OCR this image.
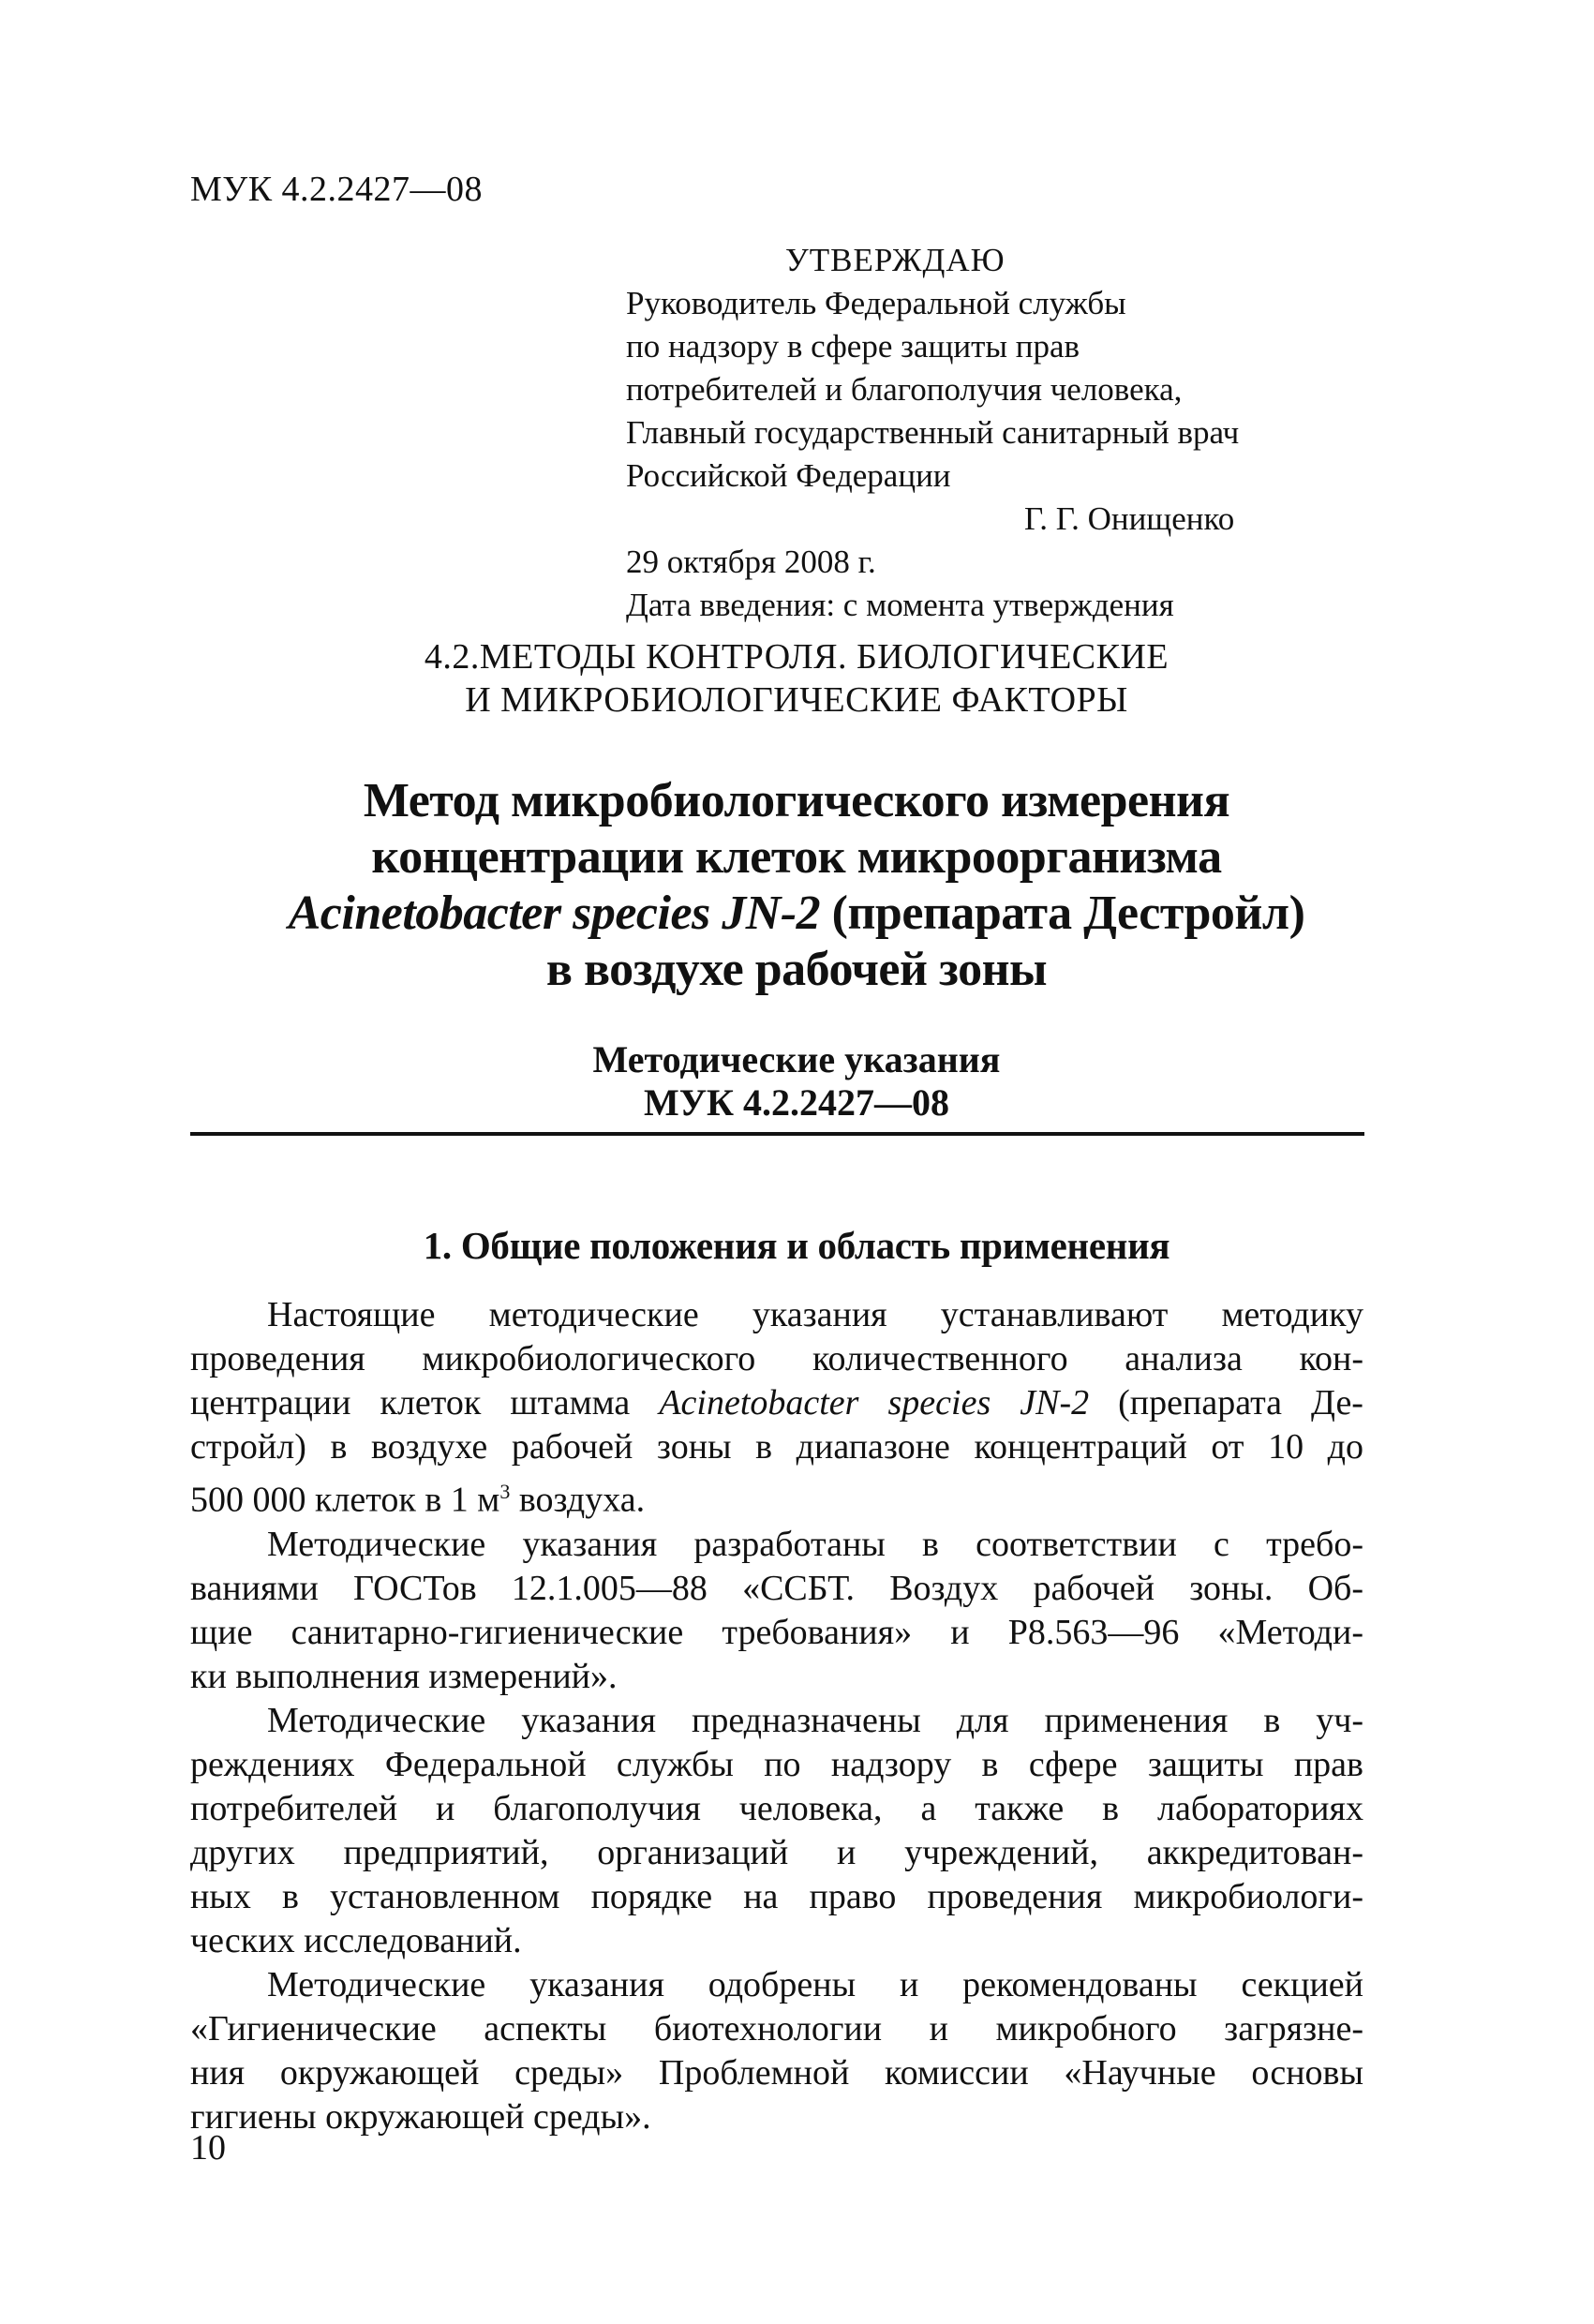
МУК 4.2.2427—08
УТВЕРЖДАЮ
Руководитель Федеральной службы
по надзору в сфере защиты прав
потребителей и благополучия человека,
Главный государственный санитарный врач
Российской Федерации
Г. Г. Онищенко
29 октября 2008 г.
Дата введения: с момента утверждения
4.2.МЕТОДЫ КОНТРОЛЯ. БИОЛОГИЧЕСКИЕ
И МИКРОБИОЛОГИЧЕСКИЕ ФАКТОРЫ
Метод микробиологического измерения
концентрации клеток микроорганизма
Acinetobacter species JN-2 (препарата Дестройл)
в воздухе рабочей зоны
Методические указания
МУК 4.2.2427—08
1. Общие положения и область применения
Настоящие методические указания устанавливают методику
проведения микробиологического количественного анализа кон-
центрации клеток штамма Acinetobacter species JN-2 (препарата Де-
стройл) в воздухе рабочей зоны в диапазоне концентраций от 10 до
500 000 клеток в 1 $м^3$ воздуха.
Методические указания разработаны в соответствии с требо-
ваниями ГОСТов 12.1.005—88 «ССБТ. Воздух рабочей зоны. Об-
щие санитарно-гигиенические требования» и Р8.563—96 «Методи-
ки выполнения измерений».
Методические указания предназначены для применения в уч-
реждениях Федеральной службы по надзору в сфере защиты прав
потребителей и благополучия человека, а также в лабораториях
других предприятий, организаций и учреждений, аккредитован-
ных в установленном порядке на право проведения микробиологи-
ческих исследований.
Методические указания одобрены и рекомендованы секцией
«Гигиенические аспекты биотехнологии и микробного загрязне-
ния окружающей среды» Проблемной комиссии «Научные основы
гигиены окружающей среды».
10
